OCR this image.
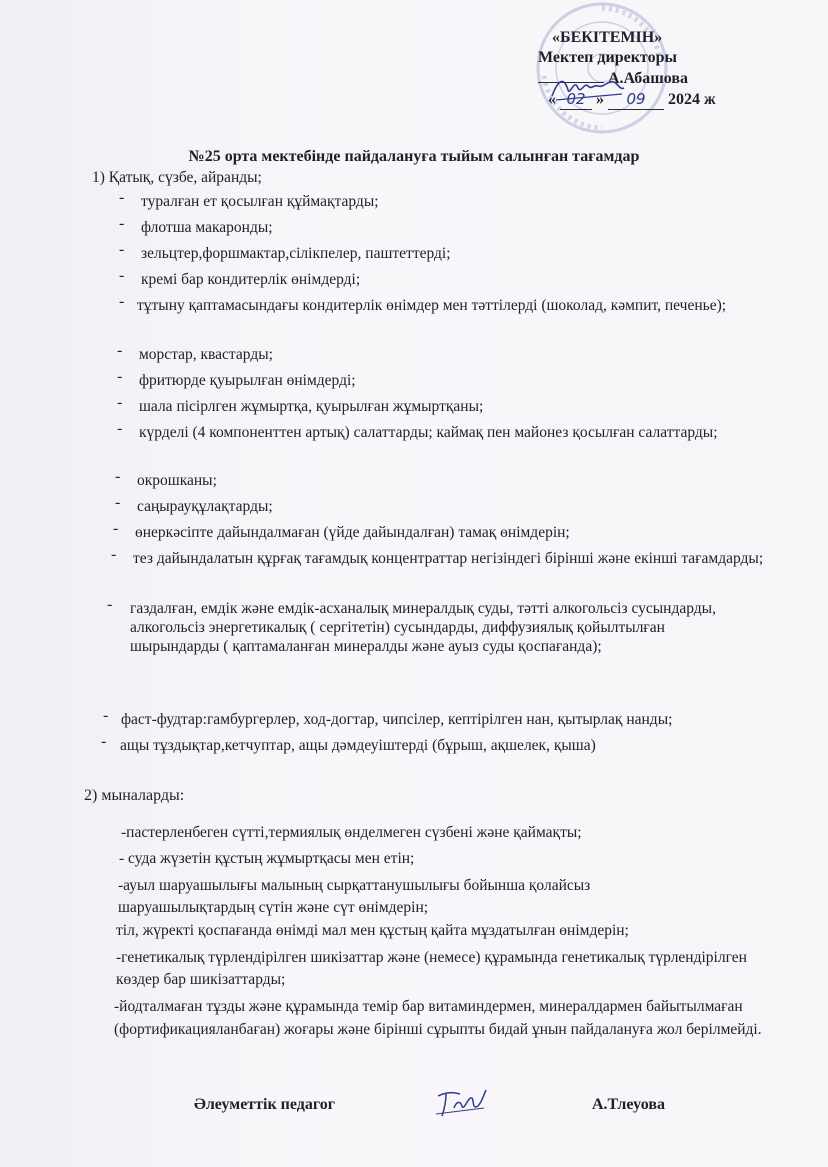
«БЕКІТЕМІН»
Мектеп директоры
А.Абашова
« 02 » 09 2024 ж
№25 орта мектебінде пайдалануға тыйым салынған тағамдар
1) Қатық, сүзбе, айранды;
- туралған ет қосылған құймақтарды;
- флотша макаронды;
- зельцтер,форшмактар,сілікпелер, паштеттерді;
- кремі бар кондитерлік өнімдерді;
- тұтыну қаптамасындағы кондитерлік өнімдер мен тәттілерді (шоколад, кәмпит, печенье);
- морстар, квастарды;
- фритюрде қуырылған өнімдерді;
- шала пісірлген жұмыртқа, қуырылған жұмыртқаны;
- күрделі (4 компоненттен артық) салаттарды; каймақ пен майонез қосылған салаттарды;
- окрошканы;
- саңырауқұлақтарды;
- өнеркәсіпте дайындалмаған (үйде дайындалған) тамақ өнімдерін;
- тез дайындалатын құрғақ тағамдық концентраттар негізіндегі бірінші және екінші тағамдарды;
- газдалған, емдік және емдік-асханалық минералдық суды, тәтті алкогольсіз сусындарды, алкогольсіз энергетикалық ( сергітетін) сусындарды, диффузиялық қойылтылған шырындарды ( қаптамаланған минералды және ауыз суды қоспағанда);
- фаст-фудтар:гамбургерлер, ход-догтар, чипсілер, кептірілген нан, қытырлақ нанды;
- ащы тұздықтар,кетчуптар, ащы дәмдеуіштерді (бұрыш, ақшелек, қыша)
2) мыналарды:
-пастерленбеген сүтті,термиялық өнделмеген сүзбені және қаймақты;
- суда жүзетін құстың жұмыртқасы мен етін;
-ауыл шаруашылығы малының сырқаттанушылығы бойынша қолайсыз шаруашылықтардың сүтін және сүт өнімдерін;
тіл, жүректі қоспағанда өнімді мал мен құстың қайта мұздатылған өнімдерін;
-генетикалық түрлендірілген шикізаттар және (немесе) құрамында генетикалық түрлендірілген көздер бар шикізаттарды;
-йодталмаған тұзды және құрамында темір бар витаминдермен, минералдармен байытылмаған (фортификацияланбаған) жоғары және бірінші сұрыпты бидай ұнын пайдалануға жол берілмейді.
Әлеуметтік педагог	А.Тлеуова
